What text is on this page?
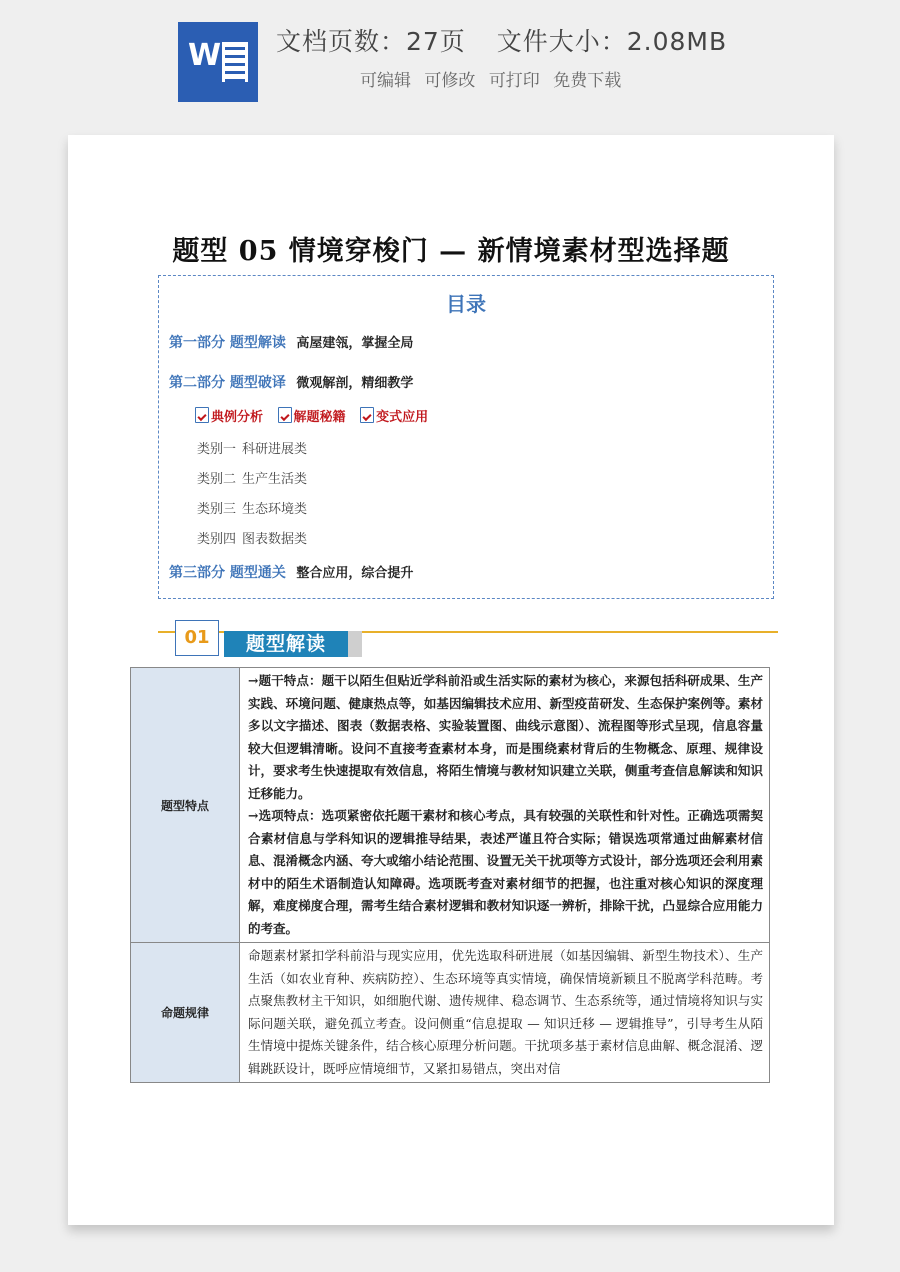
W 文档页数：27页 文件大小：2.08MB
可编辑 可修改 可打印 免费下载
题型 05 情境穿梭门 — 新情境素材型选择题
目录
第一部分 题型解读 高屋建瓴，掌握全局
第二部分 题型破译 微观解剖，精细教学
典例分析 解题秘籍 变式应用
类别一 科研进展类
类别二 生产生活类
类别三 生态环境类
类别四 图表数据类
第三部分 题型通关 整合应用，综合提升
01	题型解读
题型特点	→题干特点：题干以陌生但贴近学科前沿或生活实际的素材为核心，来源包括科研成果、生产实践、环境问题、健康热点等，如基因编辑技术应用、新型疫苗研发、生态保护案例等。素材多以文字描述、图表（数据表格、实验装置图、曲线示意图）、流程图等形式呈现，信息容量较大但逻辑清晰。设问不直接考查素材本身，而是围绕素材背后的生物概念、原理、规律设计，要求考生快速提取有效信息，将陌生情境与教材知识建立关联，侧重考查信息解读和知识迁移能力。
→选项特点：选项紧密依托题干素材和核心考点，具有较强的关联性和针对性。正确选项需契合素材信息与学科知识的逻辑推导结果，表述严谨且符合实际；错误选项常通过曲解素材信息、混淆概念内涵、夸大或缩小结论范围、设置无关干扰项等方式设计，部分选项还会利用素材中的陌生术语制造认知障碍。选项既考查对素材细节的把握，也注重对核心知识的深度理解，难度梯度合理，需考生结合素材逻辑和教材知识逐一辨析，排除干扰，凸显综合应用能力的考查。
命题规律	命题素材紧扣学科前沿与现实应用，优先选取科研进展（如基因编辑、新型生物技术）、生产生活（如农业育种、疾病防控）、生态环境等真实情境，确保情境新颖且不脱离学科范畴。考点聚焦教材主干知识，如细胞代谢、遗传规律、稳态调节、生态系统等，通过情境将知识与实际问题关联，避免孤立考查。设问侧重“信息提取 — 知识迁移 — 逻辑推导”，引导考生从陌生情境中提炼关键条件，结合核心原理分析问题。干扰项多基于素材信息曲解、概念混淆、逻辑跳跃设计，既呼应情境细节，又紧扣易错点，突出对信
